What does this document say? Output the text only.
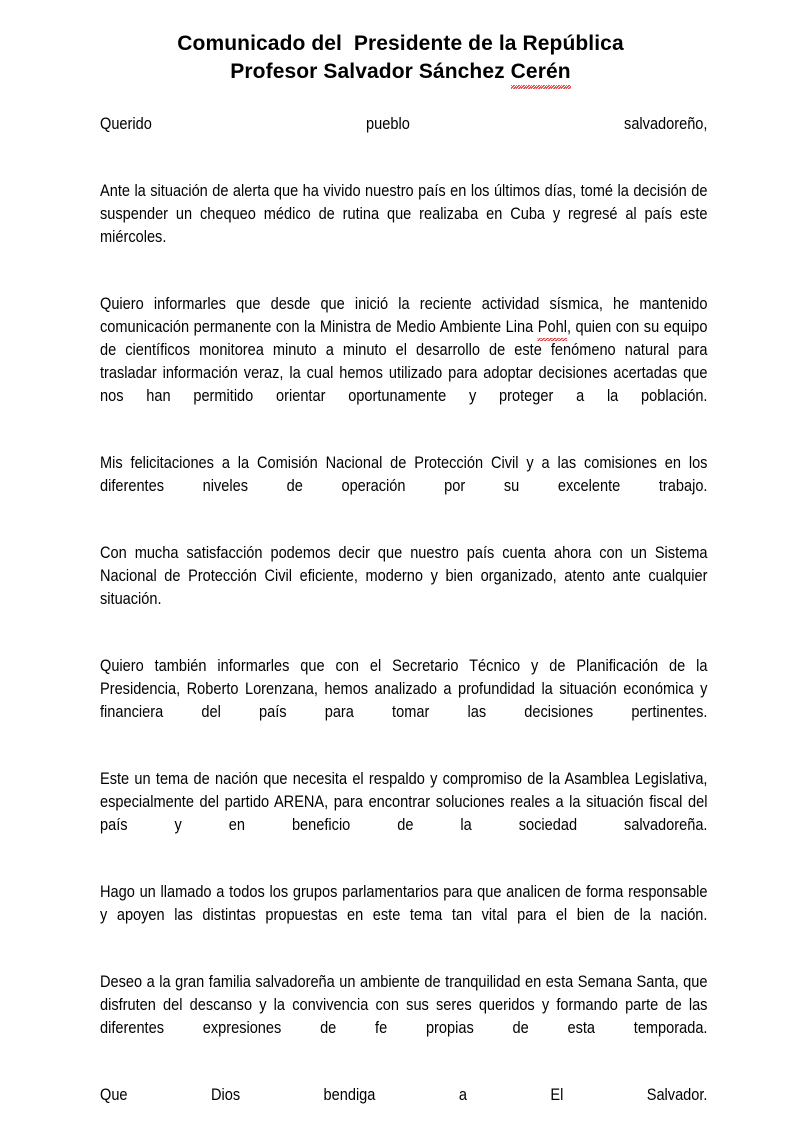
Comunicado del  Presidente de la República
Profesor Salvador Sánchez Cerén

Querido pueblo salvadoreño,

Ante la situación de alerta que ha vivido nuestro país en los últimos días, tomé la decisión de suspender un chequeo médico de rutina que realizaba en Cuba y regresé al país este miércoles.

Quiero informarles que desde que inició la reciente actividad sísmica, he mantenido comunicación permanente con la Ministra de Medio Ambiente Lina Pohl, quien con su equipo de científicos monitorea minuto a minuto el desarrollo de este fenómeno natural para trasladar información veraz, la cual hemos utilizado para adoptar decisiones acertadas que nos han permitido orientar oportunamente y proteger a la población.

Mis felicitaciones a la Comisión Nacional de Protección Civil y a las comisiones en los diferentes niveles de operación por su excelente trabajo.

Con mucha satisfacción podemos decir que nuestro país cuenta ahora con un Sistema Nacional de Protección Civil eficiente, moderno y bien organizado, atento ante cualquier situación.

Quiero también informarles que con el Secretario Técnico y de Planificación de la Presidencia, Roberto Lorenzana, hemos analizado a profundidad la situación económica y financiera del país para tomar las decisiones pertinentes.

Este un tema de nación que necesita el respaldo y compromiso de la Asamblea Legislativa, especialmente del partido ARENA, para encontrar soluciones reales a la situación fiscal del país y en beneficio de la sociedad salvadoreña.

Hago un llamado a todos los grupos parlamentarios para que analicen de forma responsable y apoyen las distintas propuestas en este tema tan vital para el bien de la nación.

Deseo a la gran familia salvadoreña un ambiente de tranquilidad en esta Semana Santa, que disfruten del descanso y la convivencia con sus seres queridos y formando parte de las diferentes expresiones de fe propias de esta temporada.

Que Dios bendiga a El Salvador.
